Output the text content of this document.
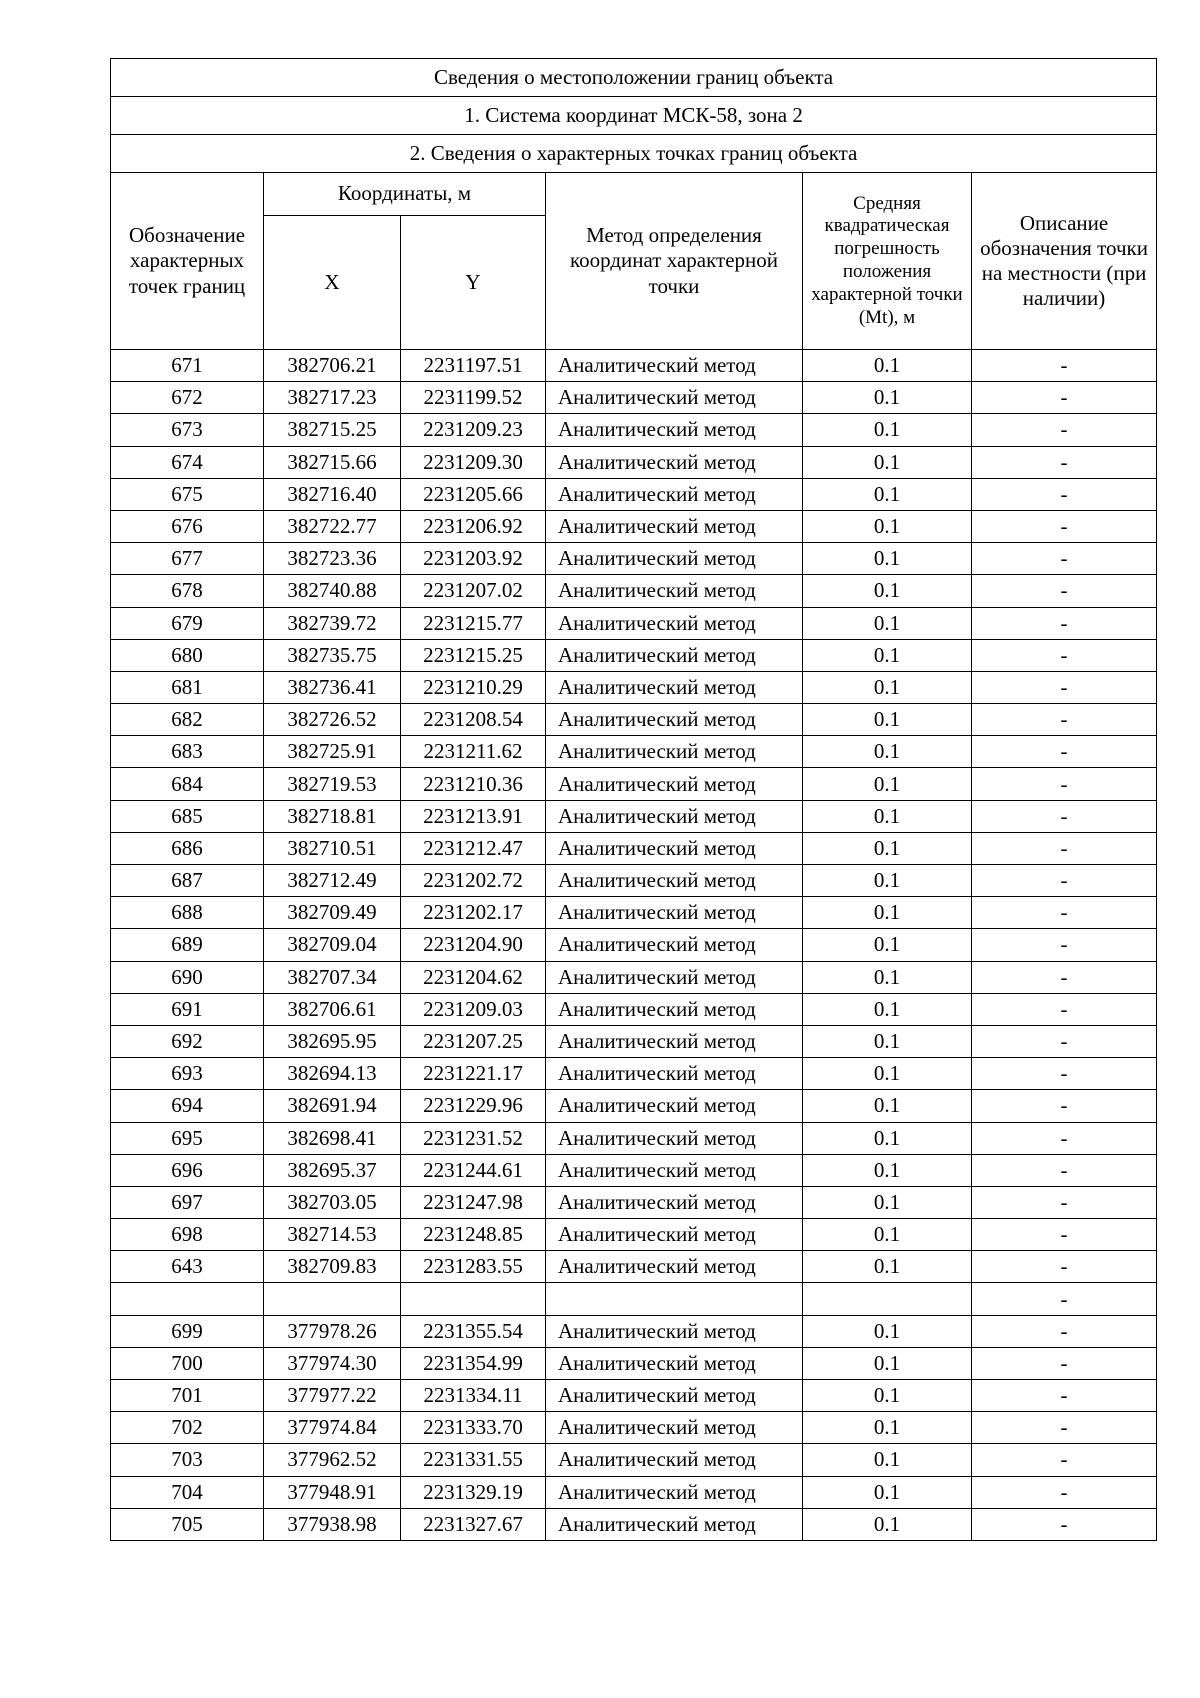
Сведения о местоположении границ объекта					
1. Система координат МСК-58, зона 2					
2. Сведения о характерных точках границ объекта					
Обозначение характерных точек границ	Координаты, м		Метод определения координат характерной точки	Средняя квадратическая погрешность положения характерной точки (Mt), м	Описание обозначения точки на местности (при наличии)
	X	Y			
671	382706.21	2231197.51	Аналитический метод	0.1	-
672	382717.23	2231199.52	Аналитический метод	0.1	-
673	382715.25	2231209.23	Аналитический метод	0.1	-
674	382715.66	2231209.30	Аналитический метод	0.1	-
675	382716.40	2231205.66	Аналитический метод	0.1	-
676	382722.77	2231206.92	Аналитический метод	0.1	-
677	382723.36	2231203.92	Аналитический метод	0.1	-
678	382740.88	2231207.02	Аналитический метод	0.1	-
679	382739.72	2231215.77	Аналитический метод	0.1	-
680	382735.75	2231215.25	Аналитический метод	0.1	-
681	382736.41	2231210.29	Аналитический метод	0.1	-
682	382726.52	2231208.54	Аналитический метод	0.1	-
683	382725.91	2231211.62	Аналитический метод	0.1	-
684	382719.53	2231210.36	Аналитический метод	0.1	-
685	382718.81	2231213.91	Аналитический метод	0.1	-
686	382710.51	2231212.47	Аналитический метод	0.1	-
687	382712.49	2231202.72	Аналитический метод	0.1	-
688	382709.49	2231202.17	Аналитический метод	0.1	-
689	382709.04	2231204.90	Аналитический метод	0.1	-
690	382707.34	2231204.62	Аналитический метод	0.1	-
691	382706.61	2231209.03	Аналитический метод	0.1	-
692	382695.95	2231207.25	Аналитический метод	0.1	-
693	382694.13	2231221.17	Аналитический метод	0.1	-
694	382691.94	2231229.96	Аналитический метод	0.1	-
695	382698.41	2231231.52	Аналитический метод	0.1	-
696	382695.37	2231244.61	Аналитический метод	0.1	-
697	382703.05	2231247.98	Аналитический метод	0.1	-
698	382714.53	2231248.85	Аналитический метод	0.1	-
643	382709.83	2231283.55	Аналитический метод	0.1	-
					-
699	377978.26	2231355.54	Аналитический метод	0.1	-
700	377974.30	2231354.99	Аналитический метод	0.1	-
701	377977.22	2231334.11	Аналитический метод	0.1	-
702	377974.84	2231333.70	Аналитический метод	0.1	-
703	377962.52	2231331.55	Аналитический метод	0.1	-
704	377948.91	2231329.19	Аналитический метод	0.1	-
705	377938.98	2231327.67	Аналитический метод	0.1	-
